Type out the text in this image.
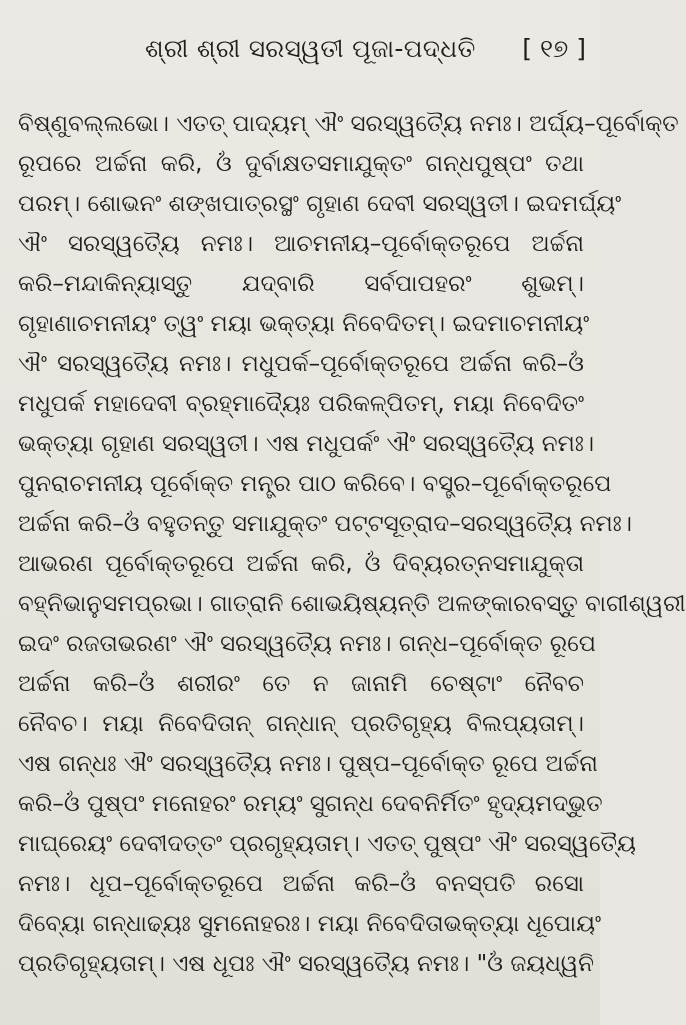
ଶ୍ରୀ ଶ୍ରୀ ସରସ୍ୱତୀ ପୂଜା-ପଦ୍ଧତି [ ୧୭ ]
ବିଷ୍ଣୁବଲ୍ଲଭୋ। ଏତତ୍ ପାଦ୍ୟମ୍ ଐଂ ସରସ୍ୱତ୍ୟୈ ନମଃ। ଅର୍ଘ୍ୟ–ପୂର୍ବୋକ୍ତ
ରୂପରେ ଅର୍ଚ୍ଚନା କରି, ଓଁ ଦୁର୍ବାକ୍ଷତସମାଯୁକ୍ତଂ ଗନ୍ଧପୁଷ୍ପଂ ତଥା
ପରମ୍। ଶୋଭନଂ ଶଙ୍ଖପାତ୍ରସ୍ଥଂ ଗୃହାଣ ଦେବୀ ସରସ୍ୱତୀ। ଇଦମର୍ଘ୍ୟଂ
ଐଂ ସରସ୍ୱତ୍ୟୈ ନମଃ। ଆଚମନୀୟ–ପୂର୍ବୋକ୍ତରୂପେ ଅର୍ଚ୍ଚନା
କରି–ମନ୍ଦାକିନ୍ୟାସ୍ତୁ ଯଦ୍‌ବାରି ସର୍ବପାପହରଂ ଶୁଭମ୍।
ଗୃହାଣାଚମନୀୟଂ ତ୍ୱଂ ମୟା ଭକ୍ତ୍ୟା ନିବେଦିତମ୍। ଇଦମାଚମନୀୟଂ
ଐଂ ସରସ୍ୱତ୍ୟୈ ନମଃ। ମଧୁପର୍କ–ପୂର୍ବୋକ୍ତରୂପେ ଅର୍ଚ୍ଚନା କରି–ଓଁ
ମଧୁପର୍କ ମହାଦେବୀ ବ୍ରହ୍ମାଦ୍ୟୈଃ ପରିକଳ୍ପିତମ୍, ମୟା ନିବେଦିତଂ
ଭକ୍ତ୍ୟା ଗୃହାଣ ସରସ୍ୱତୀ। ଏଷ ମଧୁପର୍କଂ ଐଂ ସରସ୍ୱତ୍ୟୈ ନମଃ।
ପୁନରାଚମନୀୟ ପୂର୍ବୋକ୍ତ ମନ୍ତ୍ର ପାଠ କରିବେ। ବସ୍ତ୍ର–ପୂର୍ବୋକ୍ତରୂପେ
ଅର୍ଚ୍ଚନା କରି–ଓଁ ବହୁତନ୍ତୁ ସମାଯୁକ୍ତଂ ପଟ୍ଟସୂତ୍ରାଦ–ସରସ୍ୱତ୍ୟୈ ନମଃ।
ଆଭରଣ ପୂର୍ବୋକ୍ତରୂପେ ଅର୍ଚ୍ଚନା କରି, ଓଁ ଦିବ୍ୟରତ୍ନସମାଯୁକ୍ତା
ବହ୍ନିଭାନୁସମପ୍ରଭା। ଗାତ୍ରାନି ଶୋଭୟିଷ୍ୟନ୍ତି ଅଳଙ୍କାରବସ୍ତୁ ବାଗୀଶ୍ୱରୀ
ଇଦଂ ରଜତାଭରଣଂ ଐଂ ସରସ୍ୱତ୍ୟୈ ନମଃ। ଗନ୍ଧ–ପୂର୍ବୋକ୍ତ ରୂପେ
ଅର୍ଚ୍ଚନା କରି–ଓଁ ଶରୀରଂ ତେ ନ ଜାନାମି ଚେଷ୍ଟାଂ ନୈବଚ
ନୈବଚ। ମୟା ନିବେଦିତାନ୍ ଗନ୍ଧାନ୍ ପ୍ରତିଗୃହ୍ୟ ବିଲପ୍ୟତାମ୍।
ଏଷ ଗନ୍ଧଃ ଐଂ ସରସ୍ୱତ୍ୟୈ ନମଃ। ପୁଷ୍ପ–ପୂର୍ବୋକ୍ତ ରୂପେ ଅର୍ଚ୍ଚନା
କରି–ଓଁ ପୁଷ୍ପଂ ମନୋହରଂ ରମ୍ୟଂ ସୁଗନ୍ଧ ଦେବନିର୍ମିତଂ ହୃଦ୍ୟମଦ୍ଭୁତ
ମାଘ୍ରେୟଂ ଦେବୀଦତ୍ତଂ ପ୍ରଗୃହ୍ୟତାମ୍। ଏତତ୍ ପୁଷ୍ପଂ ଐଂ ସରସ୍ୱତ୍ୟୈ
ନମଃ। ଧୂପ–ପୂର୍ବୋକ୍ତରୂପେ ଅର୍ଚ୍ଚନା କରି–ଓଁ ବନସ୍ପତି ରସୋ
ଦିବ୍ୟୋ ଗନ୍ଧାଢ୍ୟଃ ସୁମନୋହରଃ। ମୟା ନିବେଦିତାଭକ୍ତ୍ୟା ଧୂପୋୟଂ
ପ୍ରତିଗୃହ୍ୟତାମ୍। ଏଷ ଧୂପଃ ଐଂ ସରସ୍ୱତ୍ୟୈ ନମଃ। "ଓଁ ଜୟଧ୍ୱନି
